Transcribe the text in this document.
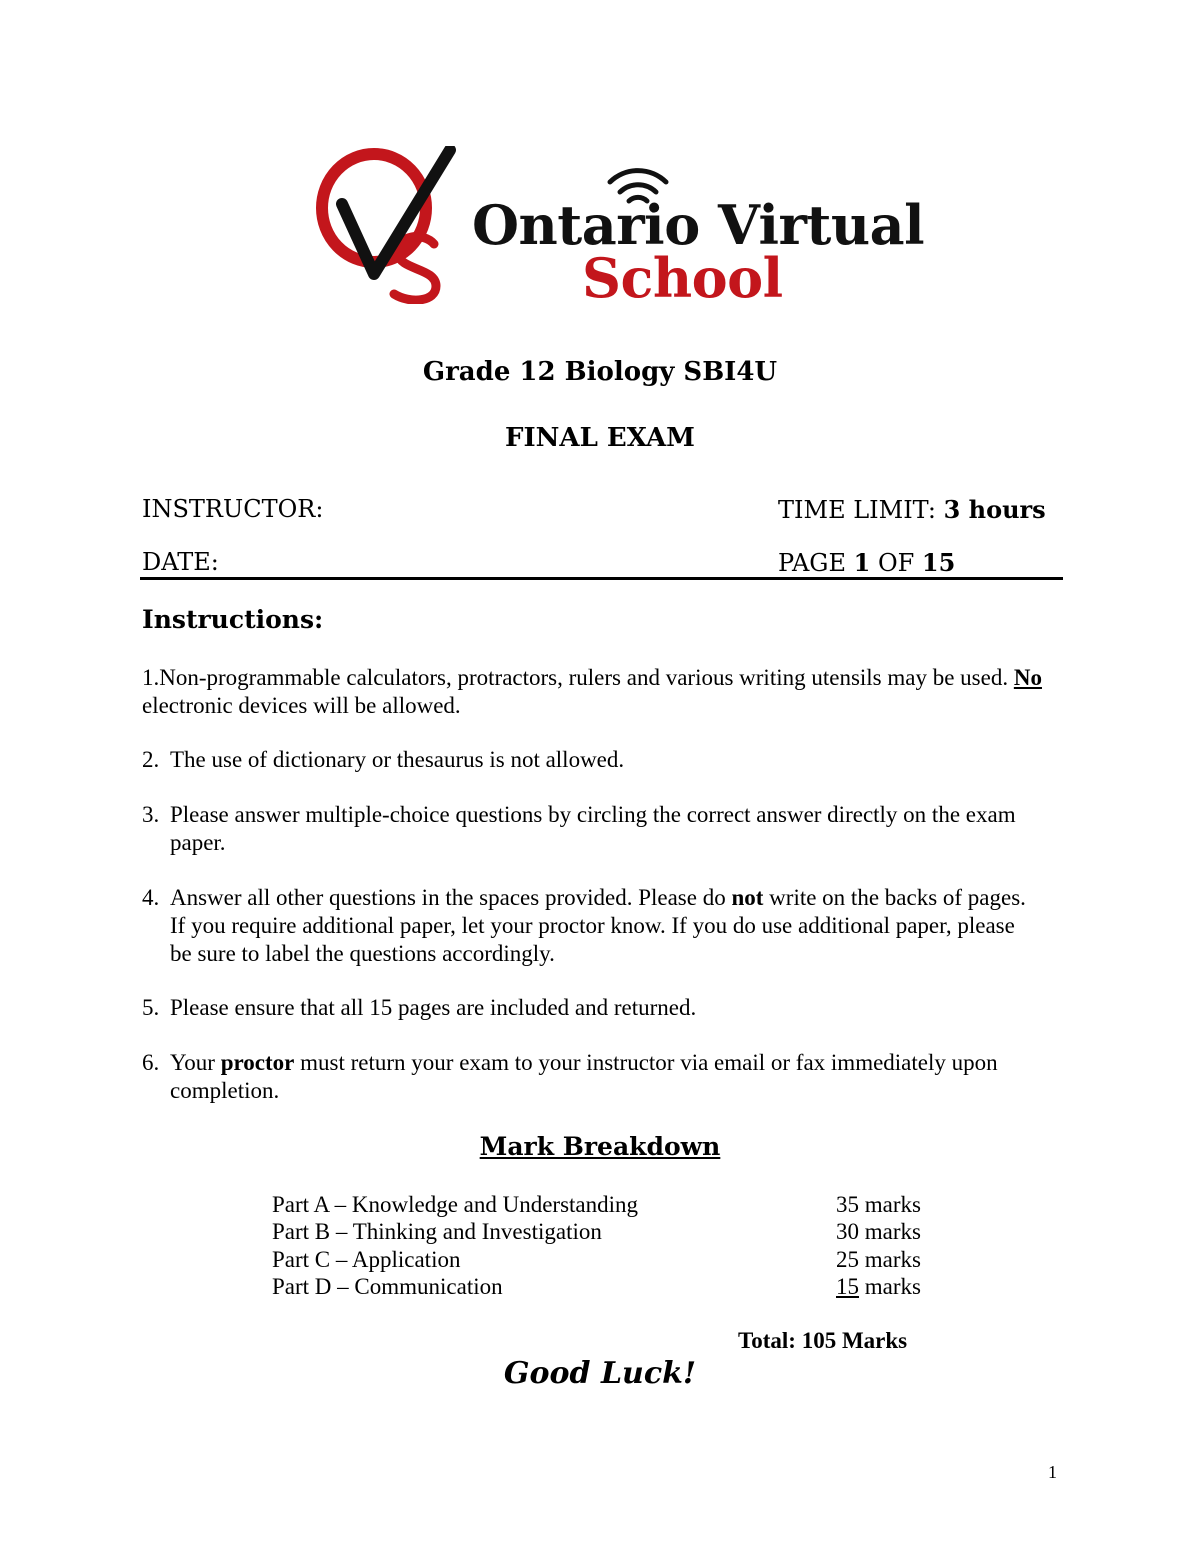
Ontario Virtual
School
Grade 12 Biology SBI4U
FINAL EXAM
INSTRUCTOR:	TIME LIMIT: 3 hours
DATE:	PAGE 1 OF 15
Instructions:
1.Non-programmable calculators, protractors, rulers and various writing utensils may be used. No electronic devices will be allowed.
2. The use of dictionary or thesaurus is not allowed.
3. Please answer multiple-choice questions by circling the correct answer directly on the exam paper.
4. Answer all other questions in the spaces provided. Please do not write on the backs of pages. If you require additional paper, let your proctor know. If you do use additional paper, please be sure to label the questions accordingly.
5. Please ensure that all 15 pages are included and returned.
6. Your proctor must return your exam to your instructor via email or fax immediately upon completion.
Mark Breakdown
Part A – Knowledge and Understanding	35 marks
Part B – Thinking and Investigation	30 marks
Part C – Application	25 marks
Part D – Communication	15 marks
Total: 105 Marks
Good Luck!
1
